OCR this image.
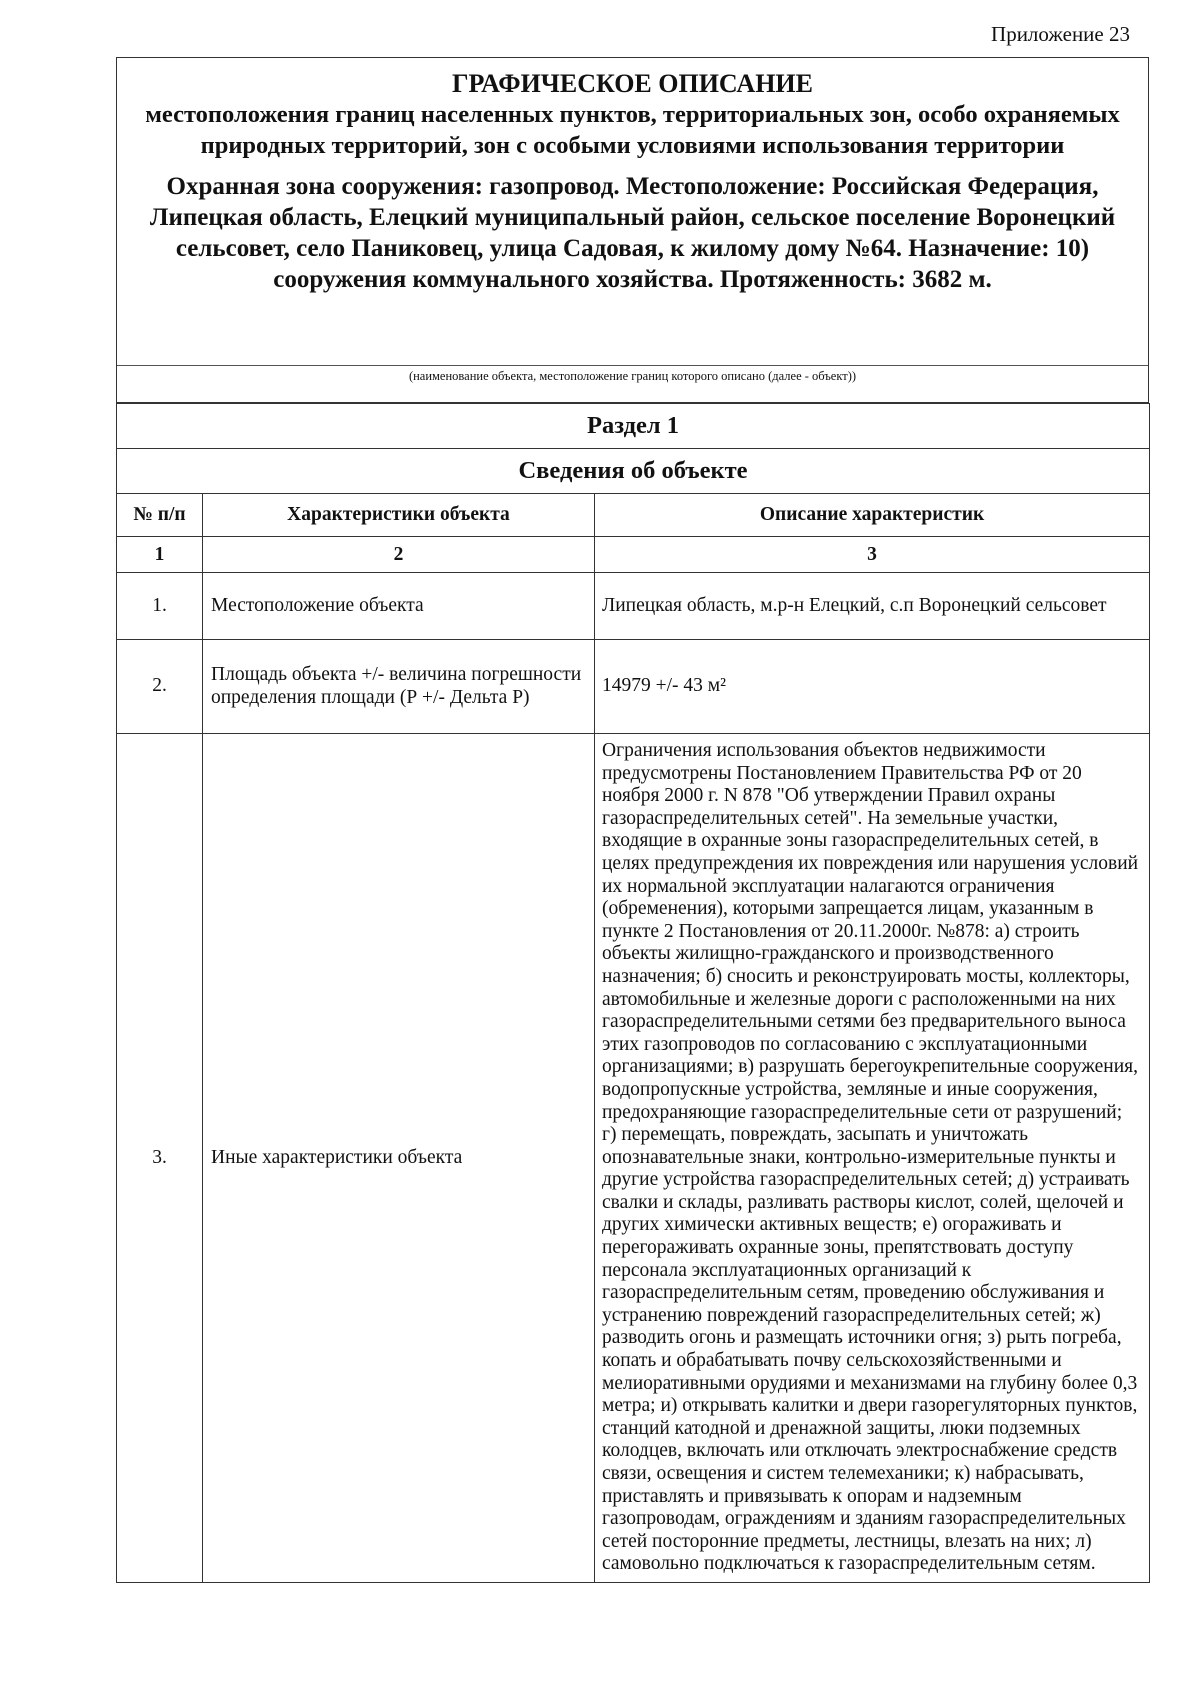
Приложение 23
ГРАФИЧЕСКОЕ ОПИСАНИЕ
местоположения границ населенных пунктов, территориальных зон, особо охраняемых природных территорий, зон с особыми условиями использования территории
Охранная зона сооружения: газопровод. Местоположение: Российская Федерация, Липецкая область, Елецкий муниципальный район, сельское поселение Воронецкий сельсовет, село Паниковец, улица Садовая, к жилому дому №64. Назначение: 10) сооружения коммунального хозяйства. Протяженность: 3682 м.
(наименование объекта, местоположение границ которого описано (далее - объект))
Раздел 1		
Сведения об объекте		
№ п/п	Характеристики объекта	Описание характеристик
1	2	3
1.	Местоположение объекта	Липецкая область, м.р-н Елецкий, с.п Воронецкий сельсовет
2.	Площадь объекта +/- величина погрешности определения площади (Р +/- Дельта Р)	14979 +/- 43 м²
3.	Иные характеристики объекта	Ограничения использования объектов недвижимости предусмотрены Постановлением Правительства РФ от 20 ноября 2000 г. N 878 "Об утверждении Правил охраны газораспределительных сетей". На земельные участки, входящие в охранные зоны газораспределительных сетей, в целях предупреждения их повреждения или нарушения условий их нормальной эксплуатации налагаются ограничения (обременения), которыми запрещается лицам, указанным в пункте 2 Постановления от 20.11.2000г. №878: а) строить объекты жилищно-гражданского и производственного назначения; б) сносить и реконструировать мосты, коллекторы, автомобильные и железные дороги с расположенными на них газораспределительными сетями без предварительного выноса этих газопроводов по согласованию с эксплуатационными организациями; в) разрушать берегоукрепительные сооружения, водопропускные устройства, земляные и иные сооружения, предохраняющие газораспределительные сети от разрушений; г) перемещать, повреждать, засыпать и уничтожать опознавательные знаки, контрольно-измерительные пункты и другие устройства газораспределительных сетей; д) устраивать свалки и склады, разливать растворы кислот, солей, щелочей и других химически активных веществ; е) огораживать и перегораживать охранные зоны, препятствовать доступу персонала эксплуатационных организаций к газораспределительным сетям, проведению обслуживания и устранению повреждений газораспределительных сетей; ж) разводить огонь и размещать источники огня; з) рыть погреба, копать и обрабатывать почву сельскохозяйственными и мелиоративными орудиями и механизмами на глубину более 0,3 метра; и) открывать калитки и двери газорегуляторных пунктов, станций катодной и дренажной защиты, люки подземных колодцев, включать или отключать электроснабжение средств связи, освещения и систем телемеханики; к) набрасывать, приставлять и привязывать к опорам и надземным газопроводам, ограждениям и зданиям газораспределительных сетей посторонние предметы, лестницы, влезать на них; л) самовольно подключаться к газораспределительным сетям.
